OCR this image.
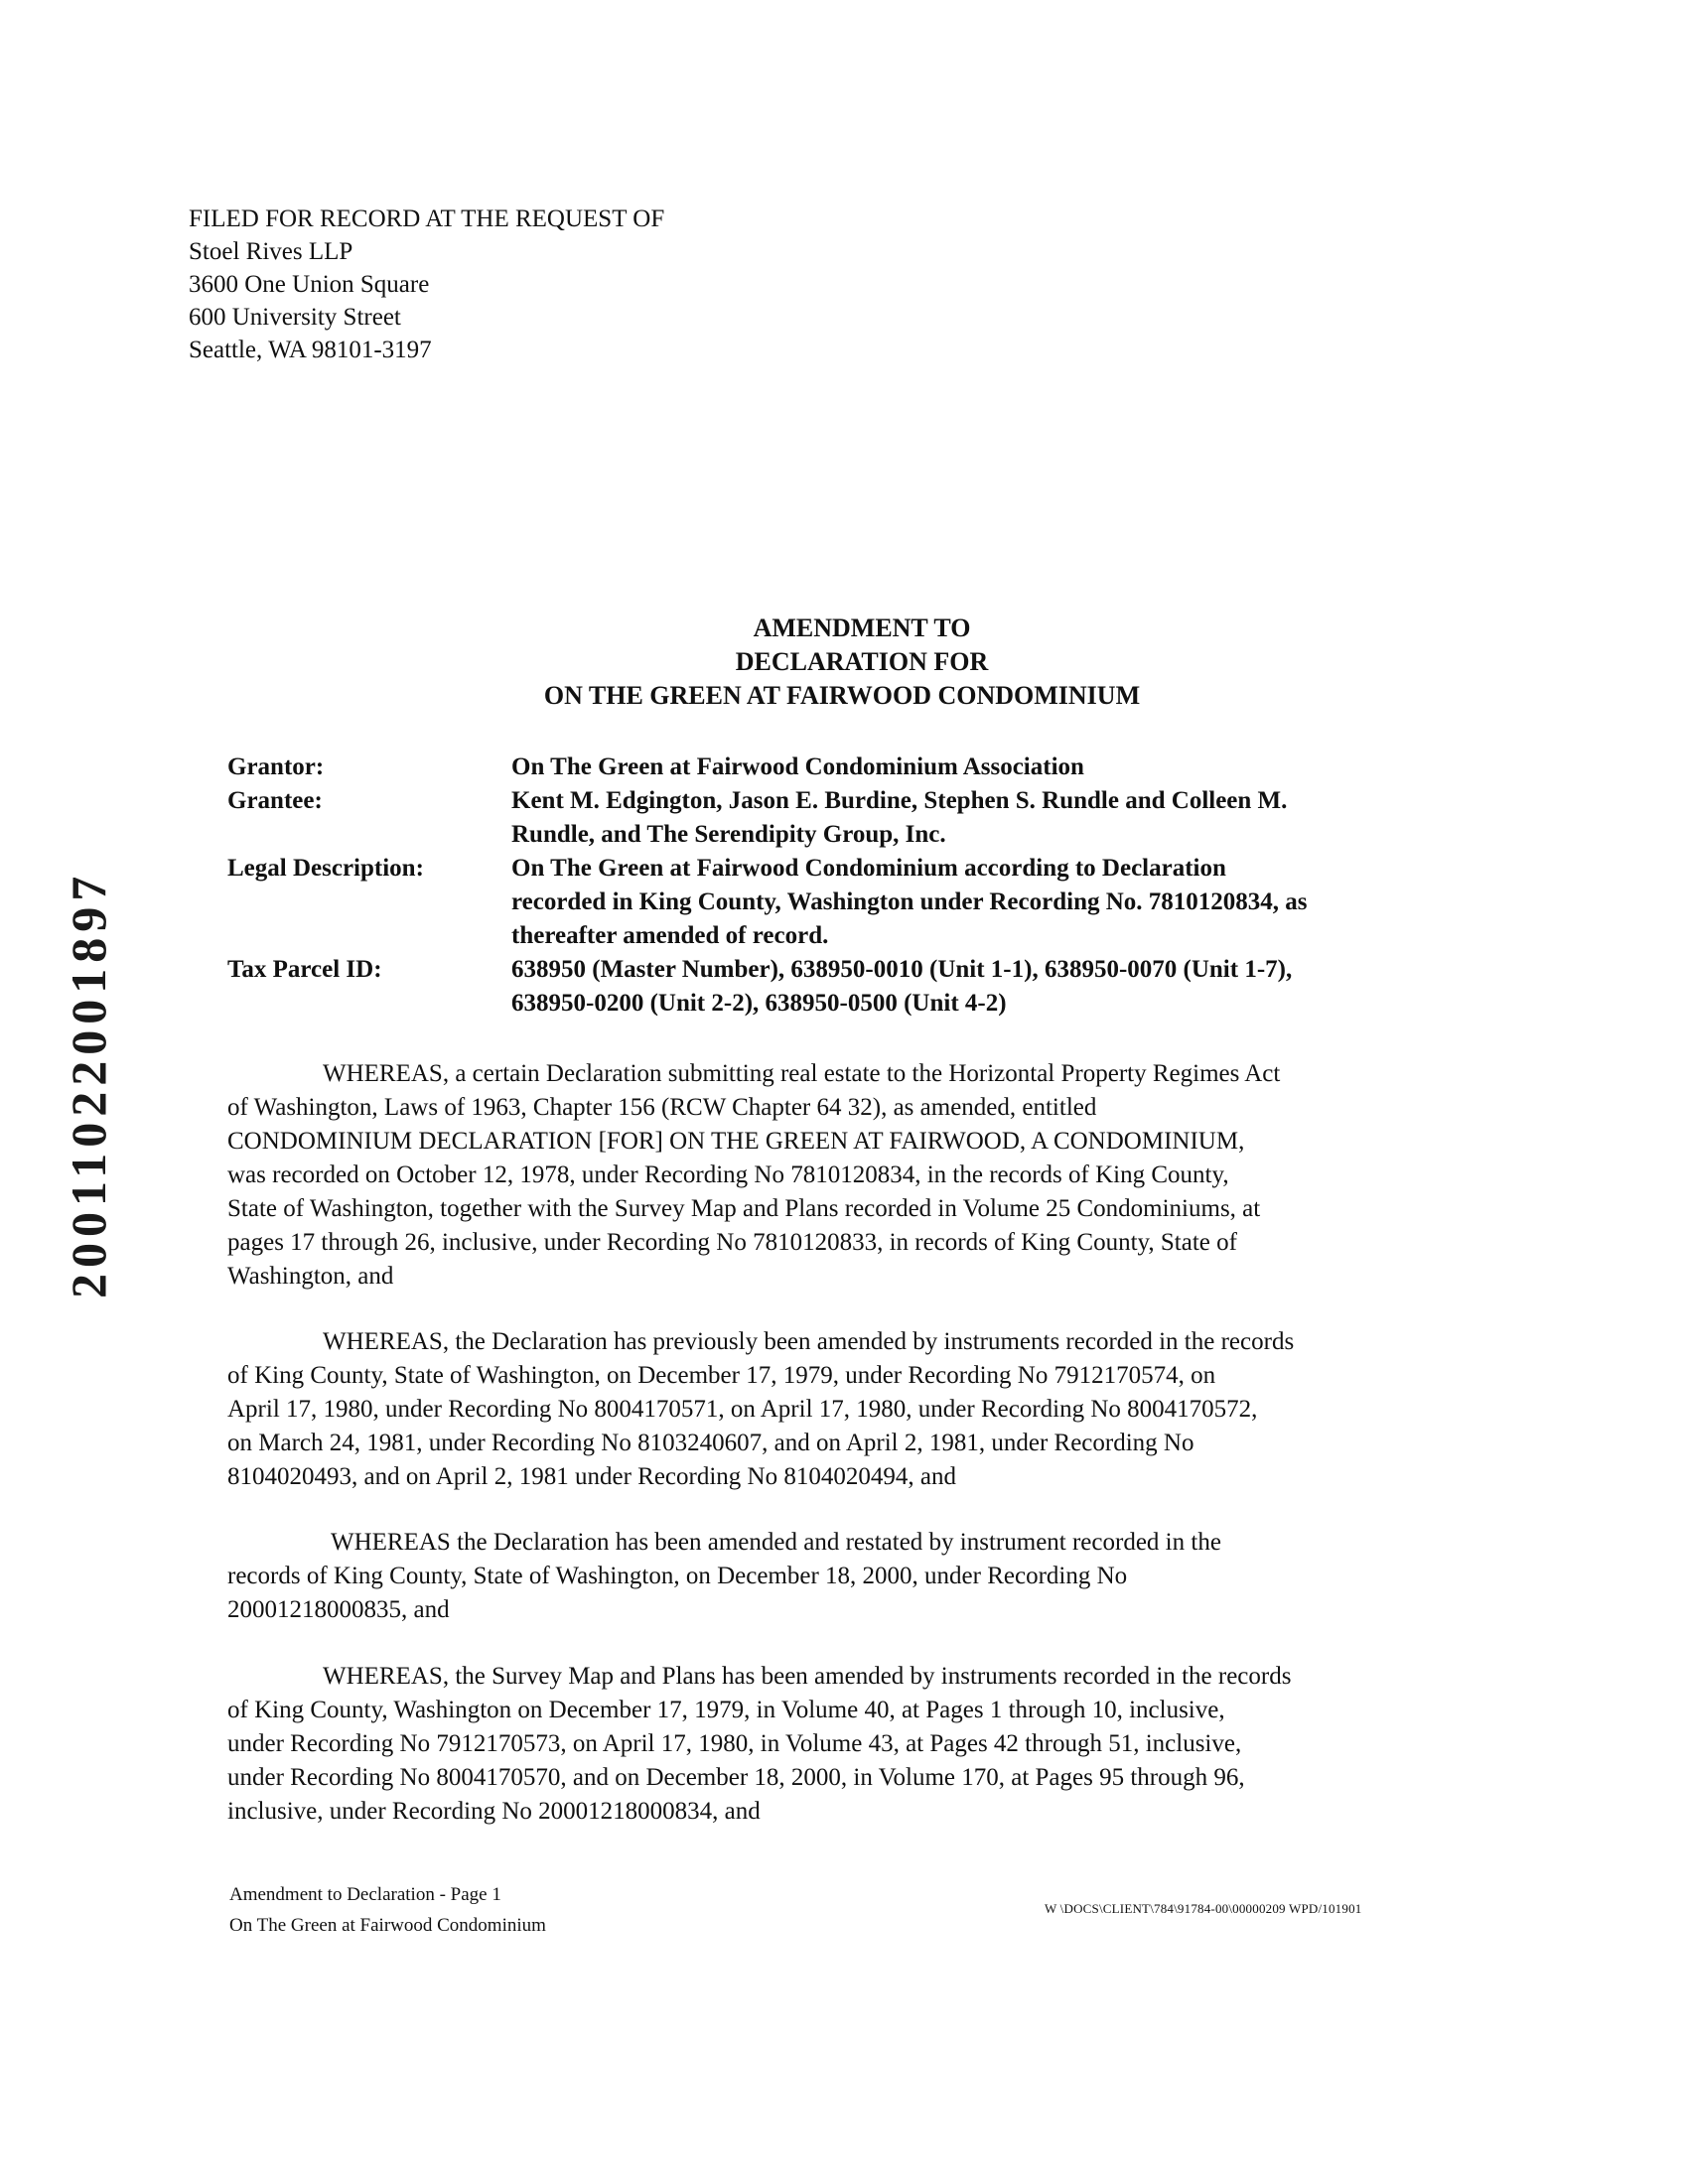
FILED FOR RECORD AT THE REQUEST OF
Stoel Rives LLP
3600 One Union Square
600 University Street
Seattle, WA 98101-3197
AMENDMENT TO
DECLARATION FOR
ON THE GREEN AT FAIRWOOD CONDOMINIUM
Grantor:	On The Green at Fairwood Condominium Association
Grantee:	Kent M. Edgington, Jason E. Burdine, Stephen S. Rundle and Colleen M.
Rundle, and The Serendipity Group, Inc.
Legal Description:	On The Green at Fairwood Condominium according to Declaration
recorded in King County, Washington under Recording No. 7810120834, as
thereafter amended of record.
Tax Parcel ID:	638950 (Master Number), 638950-0010 (Unit 1-1), 638950-0070 (Unit 1-7),
638950-0200 (Unit 2-2), 638950-0500 (Unit 4-2)
WHEREAS, a certain Declaration submitting real estate to the Horizontal Property Regimes Act
of Washington, Laws of 1963, Chapter 156 (RCW Chapter 64 32), as amended, entitled
CONDOMINIUM DECLARATION [FOR] ON THE GREEN AT FAIRWOOD, A CONDOMINIUM,
was recorded on October 12, 1978, under Recording No 7810120834, in the records of King County,
State of Washington, together with the Survey Map and Plans recorded in Volume 25 Condominiums, at
pages 17 through 26, inclusive, under Recording No 7810120833, in records of King County, State of
Washington, and
WHEREAS, the Declaration has previously been amended by instruments recorded in the records
of King County, State of Washington, on December 17, 1979, under Recording No 7912170574, on
April 17, 1980, under Recording No 8004170571, on April 17, 1980, under Recording No 8004170572,
on March 24, 1981, under Recording No 8103240607, and on April 2, 1981, under Recording No
8104020493, and on April 2, 1981 under Recording No 8104020494, and
WHEREAS the Declaration has been amended and restated by instrument recorded in the
records of King County, State of Washington, on December 18, 2000, under Recording No
20001218000835, and
WHEREAS, the Survey Map and Plans has been amended by instruments recorded in the records
of King County, Washington on December 17, 1979, in Volume 40, at Pages 1 through 10, inclusive,
under Recording No 7912170573, on April 17, 1980, in Volume 43, at Pages 42 through 51, inclusive,
under Recording No 8004170570, and on December 18, 2000, in Volume 170, at Pages 95 through 96,
inclusive, under Recording No 20001218000834, and
Amendment to Declaration - Page 1
On The Green at Fairwood Condominium
W \DOCS\CLIENT\784\91784-00\00000209 WPD/101901
20011022001897
